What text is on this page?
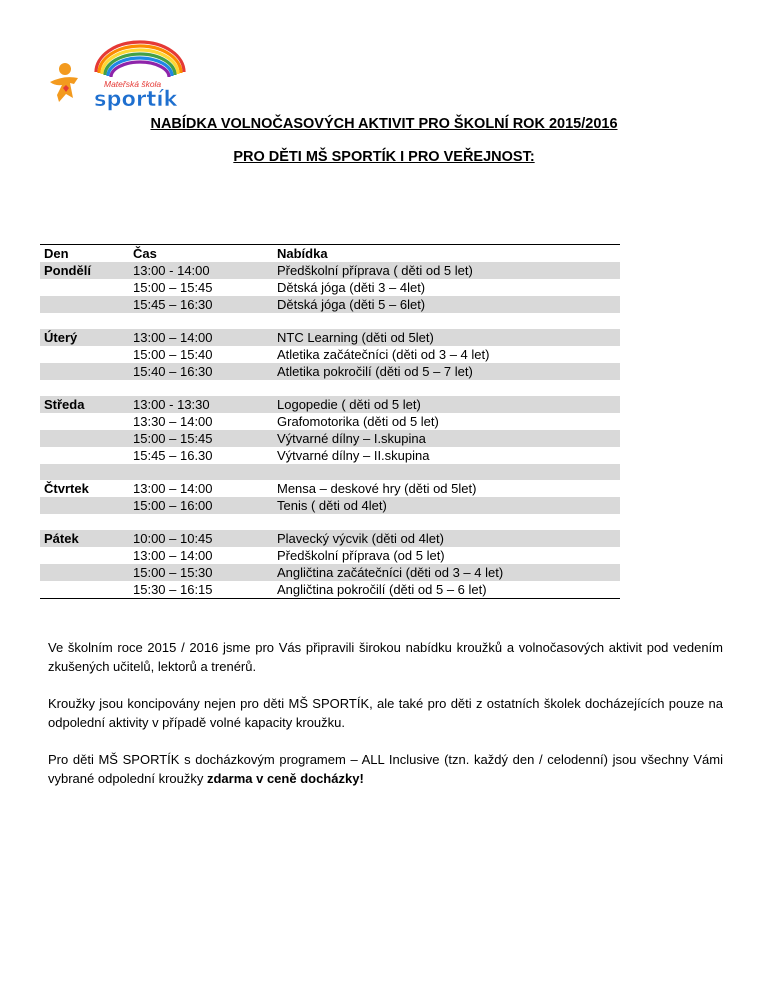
Mateřská škola
sportík
NABÍDKA VOLNOČASOVÝCH AKTIVIT PRO ŠKOLNÍ ROK 2015/2016
PRO DĚTI MŠ SPORTÍK I PRO VEŘEJNOST:
Den	Čas	Nabídka
Pondělí	13:00 - 14:00	Předškolní příprava ( děti od 5 let)
	15:00 – 15:45	Dětská jóga (děti 3 – 4let)
	15:45 – 16:30	Dětská jóga (děti 5 – 6let)

Úterý	13:00 – 14:00	NTC Learning (děti od 5let)
	15:00 – 15:40	Atletika začátečníci (děti od 3 – 4 let)
	15:40 – 16:30	Atletika pokročilí (děti od 5 – 7 let)

Středa	13:00 - 13:30	Logopedie ( děti od 5 let)
	13:30 – 14:00	Grafomotorika (děti od 5 let)
	15:00 – 15:45	Výtvarné dílny – I.skupina
	15:45 – 16.30	Výtvarné dílny – II.skupina

Čtvrtek	13:00 – 14:00	Mensa – deskové hry (děti od 5let)
	15:00 – 16:00	Tenis ( děti od 4let)

Pátek	10:00 – 10:45	Plavecký výcvik (děti od 4let)
	13:00 – 14:00	Předškolní příprava (od 5 let)
	15:00 – 15:30	Angličtina začátečníci (děti od 3 – 4 let)
	15:30 – 16:15	Angličtina pokročilí (děti od 5 – 6 let)

Ve školním roce 2015 / 2016 jsme pro Vás připravili širokou nabídku kroužků a volnočasových aktivit pod vedením zkušených učitelů, lektorů a trenérů.

Kroužky jsou koncipovány nejen pro děti MŠ SPORTÍK, ale také pro děti z ostatních školek docházejících pouze na odpolední aktivity v případě volné kapacity kroužku.

Pro děti MŠ SPORTÍK s docházkovým programem – ALL Inclusive (tzn. každý den / celodenní) jsou všechny Vámi vybrané odpolední kroužky zdarma v ceně docházky!
